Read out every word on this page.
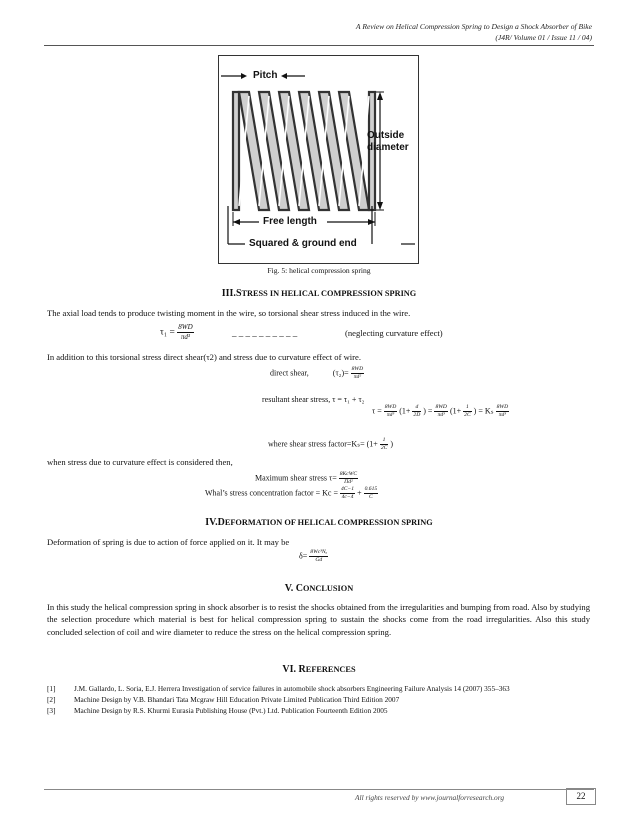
A Review on Helical Compression Spring to Design a Shock Absorber of Bike
(J4R/ Volume 01 / Issue 11 / 04)
Pitch
Outside
diameter
Free length
Squared & ground end
Fig. 5: helical compression spring
III.STRESS IN HELICAL COMPRESSION SPRING
The axial load tends to produce twisting moment in the wire, so torsional shear stress induced in the wire.
$\tau_1 = \frac{8WD}{\text{πd³}}$	_ _ _ _ _ _ _ _ _ _	(neglecting curvature effect)
In addition to this torsional stress direct shear(τ2) and stress due to curvature effect of wire.
direct shear,	$(\tau_2)= \frac{8WD}{\text{πd²}}$
resultant shear stress, τ = τ₁ + τ₂
$\tau = \frac{8WD}{\text{πd³}} (1+ \frac{d}{2D}$ ) = $\frac{8WD}{\text{πd³}} (1+ \frac{1}{2C}$ ) = Kₛ $\frac{8WD}{\text{πd³}}$
where shear stress factor=Kₛ= ($1+ \frac{1}{2C}$ )
when stress due to curvature effect is considered then,
Maximum shear stress τ= 8KcWC
Πd²
Whal’s stress concentration factor = $Kc = \frac{4C-1}{4c-4} + \frac{0.615}{C}$
IV.DEFORMATION OF HELICAL COMPRESSION SPRING
Deformation of spring is due to action of force applied on it. It may be
$\delta= \frac{\text{8Wc³Nₐ}}{Gd}$
V. CONCLUSION
In this study the helical compression spring in shock absorber is to resist the shocks obtained from the irregularities and bumping from road. Also by studying the selection procedure which material is best for helical compression spring to sustain the shocks come from the road irregularities. Also this study concluded selection of coil and wire diameter to reduce the stress on the helical compression spring.
VI. REFERENCES
[1]	J.M. Gallardo, L. Soria, E.J. Herrera Investigation of service failures in automobile shock absorbers Engineering Failure Analysis 14 (2007) 355–363
[2]	Machine Design by V.B. Bhandari Tata Mcgraw Hill Education Private Limited Publication Third Edition 2007
[3]	Machine Design by R.S. Khurmi Eurasia Publishing House (Pvt.) Ltd. Publication Fourteenth Edition 2005
All rights reserved by www.journalforresearch.org	22
